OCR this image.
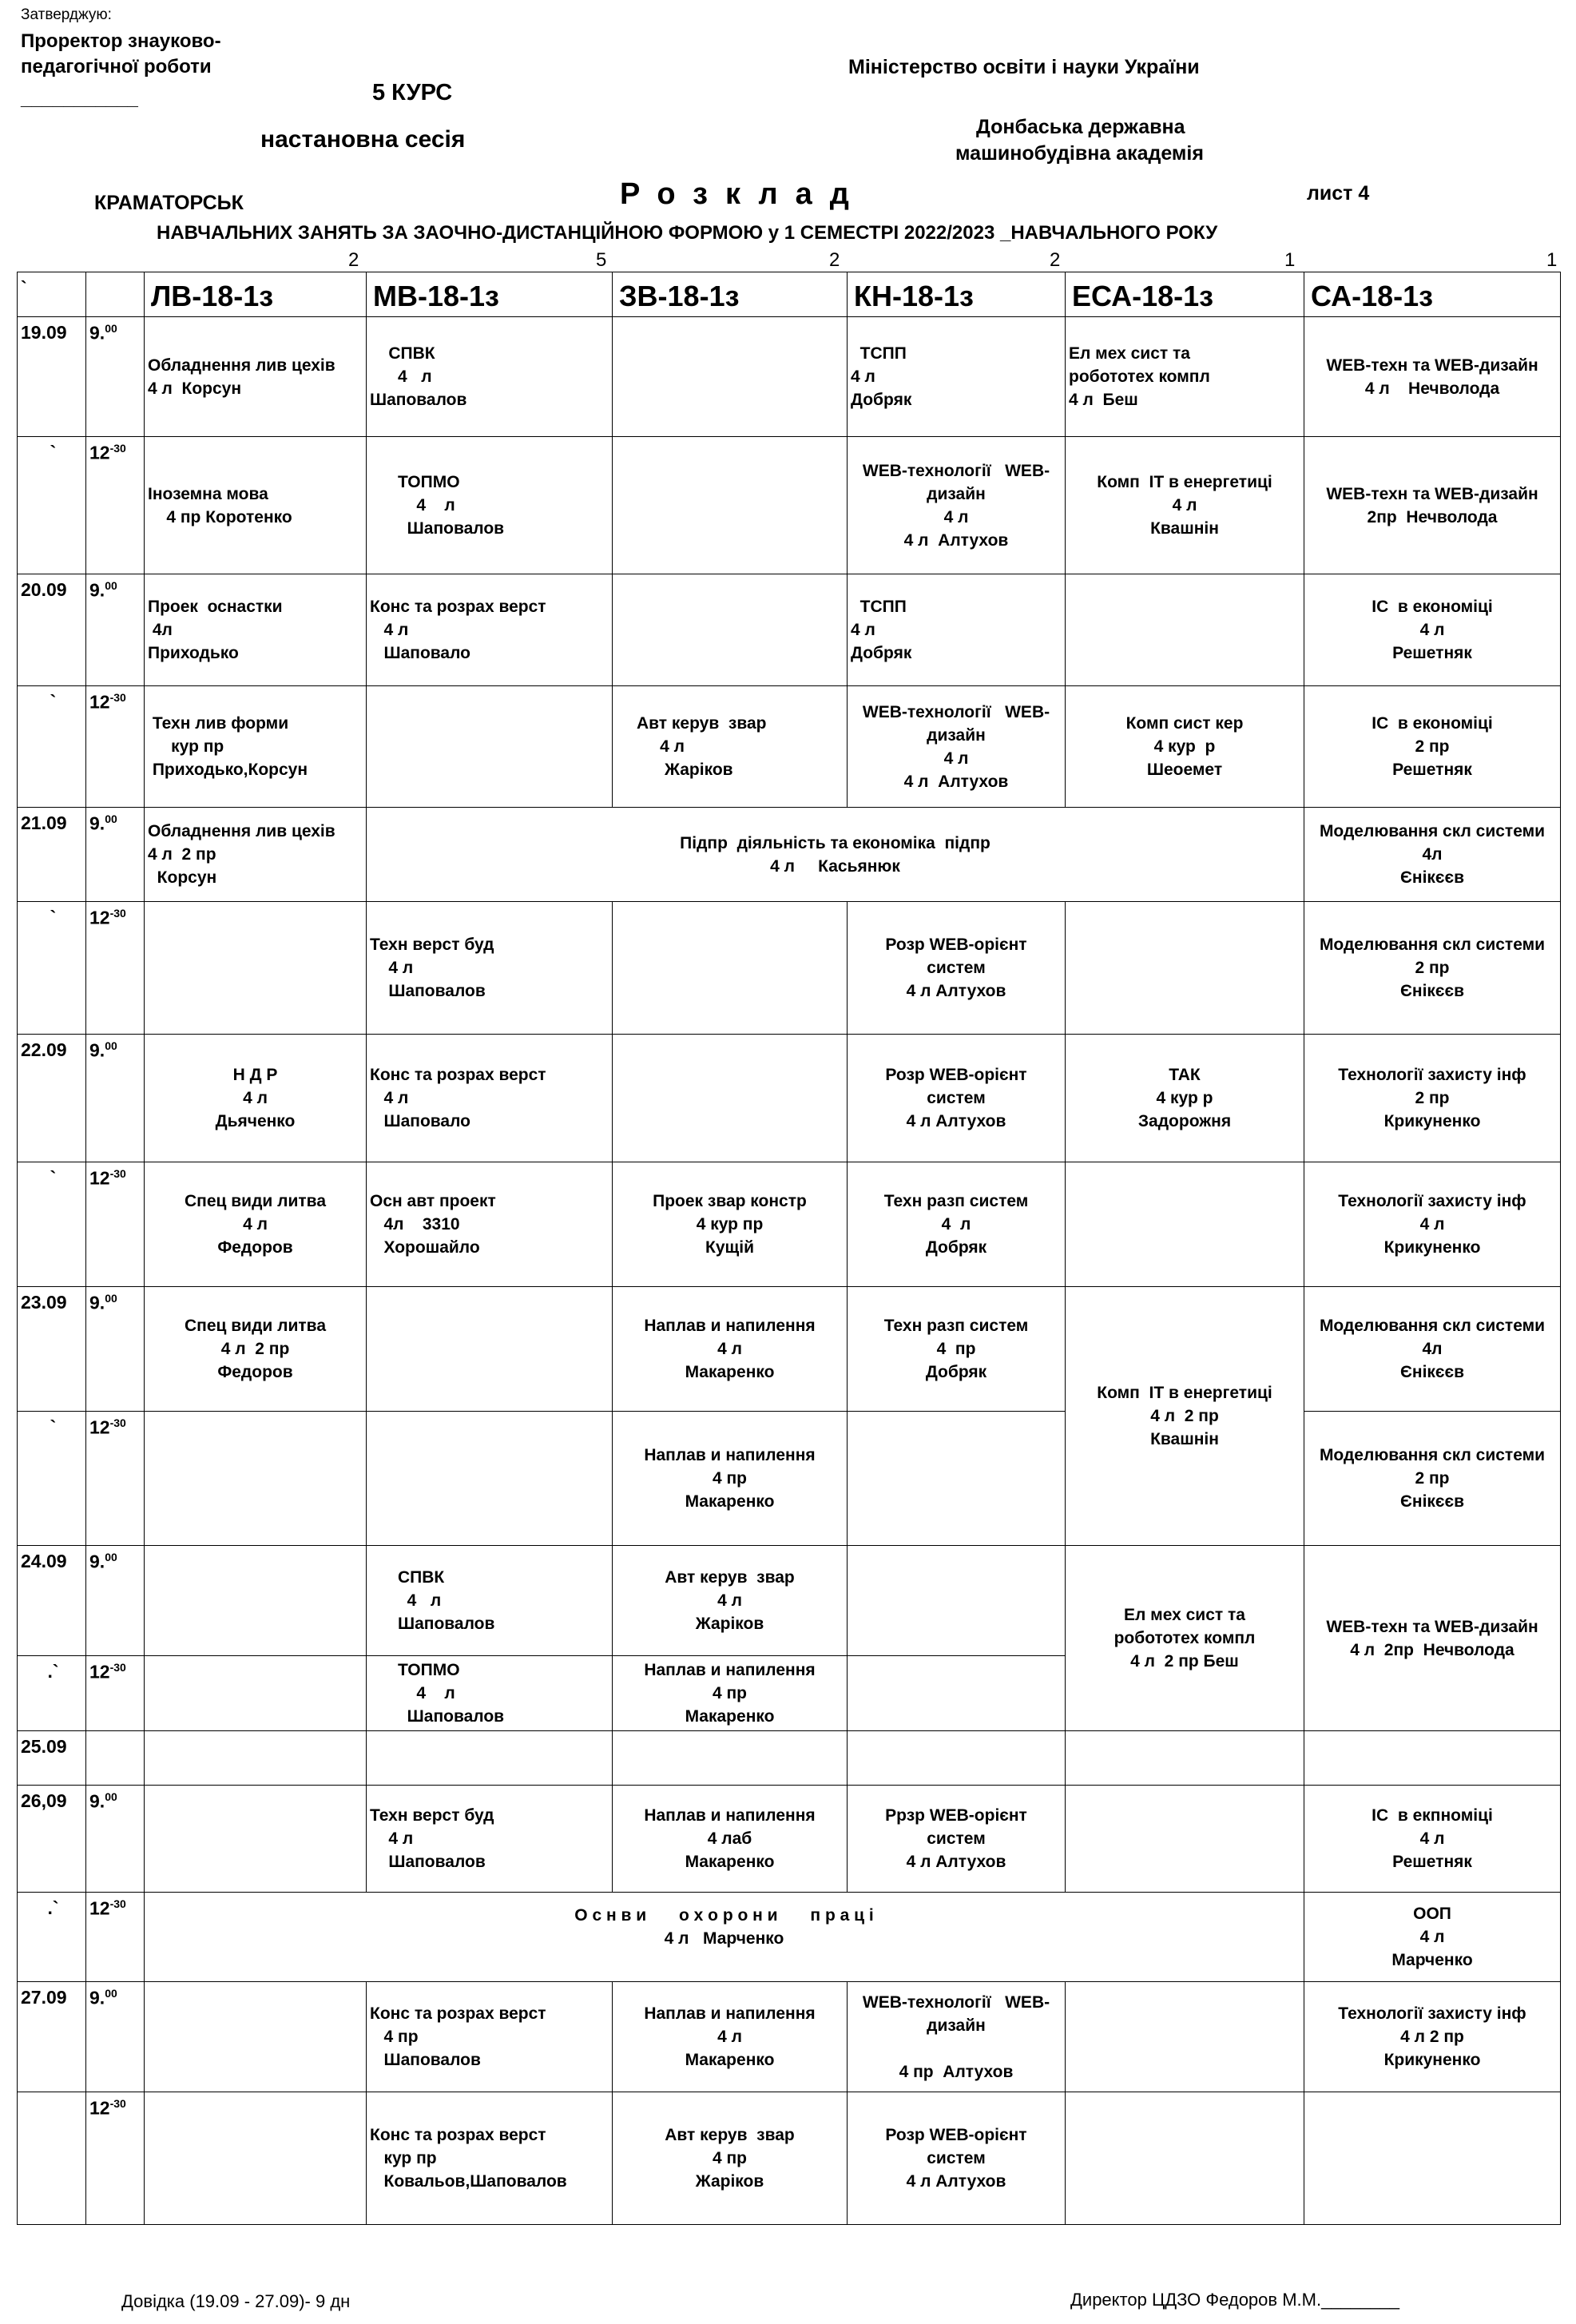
Затверджую:
Проректор знауково-
педагогічної роботи
___________	5 КУРС
настановна сесія
Міністерство освіти і науки України
Донбаська державна
машинобудівна академія
КРАМАТОРСЬК	Розклад	лист 4
НАВЧАЛЬНИХ ЗАНЯТЬ ЗА ЗАОЧНО-ДИСТАНЦІЙНОЮ ФОРМОЮ у 1 СЕМЕСТРІ 2022/2023 _НАВЧАЛЬНОГО РОКУ
2	5	2	2	1	1
`		ЛВ-18-1з	МВ-18-1з	ЗВ-18-1з	КН-18-1з	ЕСА-18-1з	СА-18-1з
19.09	9.00	Обладнення лив цехів
4 л  Корсун	СПВК
4   л
Шаповалов		ТСПП
4 л
Добряк	Ел мех сист та
робототех компл
4 л  Беш	WEB-техн та WEB-дизайн
4 л    Нечволода
`	$12^{-30}$	Іноземна мова
4 пр Коротенко	ТОПМО
4    л
Шаповалов		WEB-технології   WEB-
дизайн
4 л
4 л  Алтухов	Комп  ІТ в енергетиці
4 л
Квашнін	WEB-техн та WEB-дизайн
2пр  Нечволода
20.09	9.00	Проек  оснастки
4л
Приходько	Конс та розрах верст
4 л
Шаповало		ТСПП
4 л
Добряк		ІС  в економіці
4 л
Решетняк
`	$12^{-30}$	Техн лив форми
кур пр
Приходько,Корсун		Авт керув  звар
4 л
Жаріков	WEB-технології   WEB-
дизайн
4 л
4 л  Алтухов	Комп сист кер
4 кур  р
Шеоемет	ІС  в економіці
2 пр
Решетняк
21.09	9.00	Обладнення лив цехів
4 л  2 пр
Корсун	Підпр  діяльність та економіка  підпр
4 л     Касьянюк				Моделювання скл системи
4л
Єнікєєв
`	$12^{-30}$		Техн верст буд
4 л
Шаповалов		Розр WEB-орієнт
систем
4 л Алтухов		Моделювання скл системи
2 пр
Єнікєєв
22.09	9.00	Н Д Р
4 л
Дьяченко	Конс та розрах верст
4 л
Шаповало		Розр WEB-орієнт
систем
4 л Алтухов	ТАК
4 кур р
Задорожня	Технології захисту інф
2 пр
Крикуненко
`	$12^{-30}$	Спец види литва
4 л
Федоров	Осн авт проект
4л    3310
Хорошайло	Проек звар констр
4 кур пр
Кущій	Техн разп систем
4  л
Добряк		Технології захисту інф
4 л
Крикуненко
23.09	9.00	Спец види литва
4 л  2 пр
Федоров		Наплав и напилення
4 л
Макаренко	Техн разп систем
4  пр
Добряк	Комп  ІТ в енергетиці
4 л  2 пр
Квашнін	Моделювання скл системи
4л
Єнікєєв
`	$12^{-30}$			Наплав и напилення
4 пр
Макаренко			Моделювання скл системи
2 пр
Єнікєєв
24.09	9.00		СПВК
4   л
Шаповалов	Авт керув  звар
4 л
Жаріков		Ел мех сист та
робототех компл
4 л  2 пр Беш	WEB-техн та WEB-дизайн
4 л  2пр  Нечволода
.`	$12^{-30}$		ТОПМО
4    л
Шаповалов	Наплав и напилення
4 пр
Макаренко			
25.09							
26,09	9.00		Техн верст буд
4 л
Шаповалов	Наплав и напилення
4 лаб
Макаренко	Ррзр WEB-орієнт
систем
4 л Алтухов		ІС  в екпноміці
4 л
Решетняк
.`	$12^{-30}$	О с н в и       о х о р о н и       п р а ц і
4 л   Марченко					ООП
4 л
Марченко
27.09	9.00		Конс та розрах верст
4 пр
Шаповалов	Наплав и напилення
4 л
Макаренко	WEB-технології   WEB-
дизайн

4 пр  Алтухов		Технології захисту інф
4 л 2 пр
Крикуненко
	$12^{-30}$		Конс та розрах верст
кур пр
Ковальов,Шаповалов	Авт керув  звар
4 пр
Жаріков	Розр WEB-орієнт
систем
4 л Алтухов		
Довідка (19.09 - 27.09)- 9 дн	Директор ЦДЗО Федоров М.М.________
